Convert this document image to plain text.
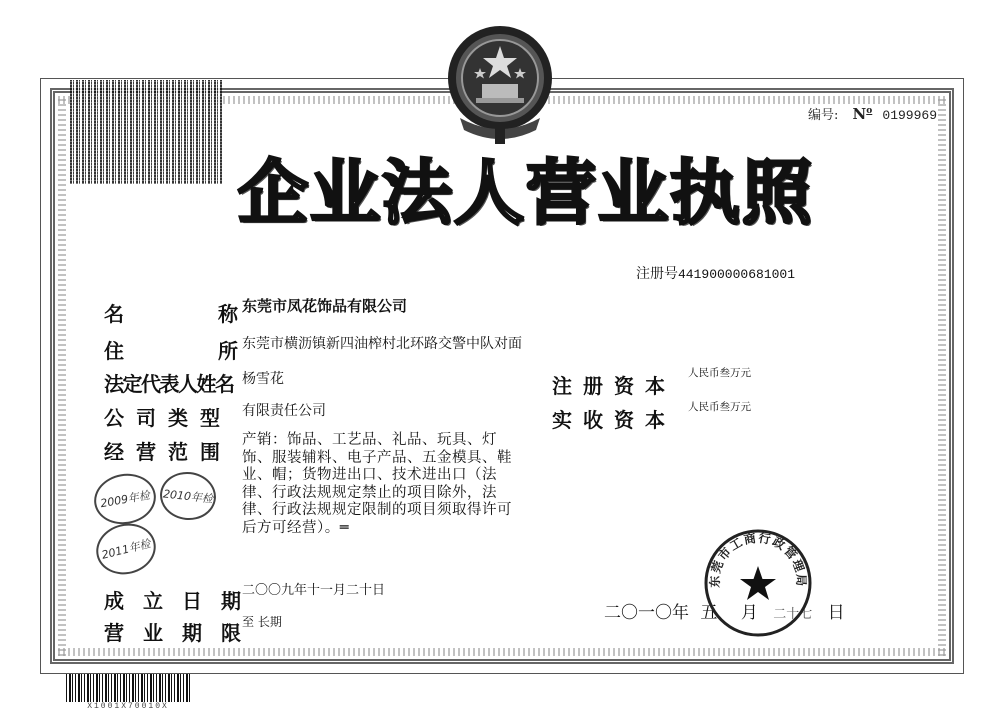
编号: $N^o$ 0199969
企业法人营业执照
注册号441900000681001
名	称 东莞市凤花饰品有限公司
住	所 东莞市横沥镇新四油榨村北环路交警中队对面
法定代表人姓名 杨雪花
公司类型 有限责任公司
经营范围 产销：饰品、工艺品、礼品、玩具、灯
饰、服装辅料、电子产品、五金模具、鞋
业、帽；货物进出口、技术进出口（法
律、行政法规规定禁止的项目除外，法
律、行政法规规定限制的项目须取得许可
后方可经营）。═
注册资本
人民币叁万元
实收资本
人民币叁万元
2009年检	2010年检
2011年检
成立日期
二〇〇九年十一月二十日
营业期限
至 长期	二〇一〇年 五 月 二十七 日
东莞市工商行政管理局
X1001X70010X
